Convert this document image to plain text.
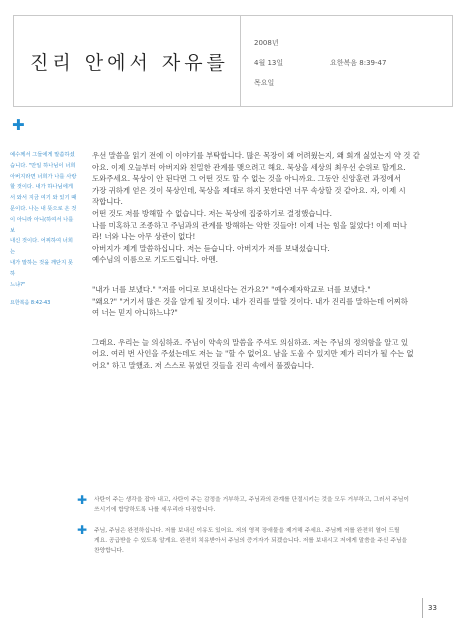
진리 안에서 자유를
2008년
4월 13일	요한복음 8:39-47
목요일
✚
✚
✚
예수께서 그들에게 말씀하셨
습니다. "만일 하나님이 너희
아버지라면 너희가 나를 사랑
할 것이다. 내가 하나님에게
서 와서 지금 여기 와 있기 때
문이다. 나는 내 뜻으로 온 것
이 아니라 아니(하여서 나를 보
내신 것이다. 어찌하여 너희는
내가 말하는 것을 깨닫지 못하
느냐?"
요한복음 8:42-43

우선 말씀을 읽기 전에 이 이야기를 부탁합니다. 많은 목장이 왜 어려웠는지, 왜 회개 싫었는지 약 것 같

아요. 이제 오늘부터 아버지와 친밀한 관계를 맺으려고 해요. 묵상을 세상의 최우선 순위로 할게요.

도와주세요. 묵상이 안 된다면 그 어떤 것도 할 수 없는 것을 아니까요. 그동안 신앙훈련 과정에서

가장 귀하게 얻은 것이 묵상인데, 묵상을 제대로 하지 못한다면 너무 속상할 것 같아요. 자, 이제 시

작합니다.

어떤 것도 저를 방해할 수 없습니다. 저는 묵상에 집중하기로 결정했습니다.

나를 미혹하고 조종하고 주님과의 관계를 방해하는 악한 것들아! 이제 너는 힘을 잃었다! 이제 떠나

라! 너와 나는 아무 상관이 없다!

아버지가 제게 말씀하십니다. 저는 듣습니다. 아버지가 저를 보내셨습니다.

예수님의 이름으로 기도드립니다. 아멘.

"내가 너를 보냈다." "저를 어디로 보내신다는 건가요?" "예수제자학교로 너를 보냈다."

"왜요?" "거기서 많은 것을 알게 될 것이다. 내가 진리를 말할 것이다. 내가 진리를 말하는데 어찌하

여 너는 믿지 아니하느냐?"

그래요. 우리는 늘 의심하죠. 주님이 약속의 말씀을 주셔도 의심하죠. 저는 주님의 정의함을 알고 있

어요. 여러 번 사인을 주셨는데도 저는 늘 "할 수 없어요. 남을 도울 수 있지만 제가 리더가 될 수는 없

어요" 하고 말했죠. 저 스스로 묶였던 것들을 진리 속에서 풀겠습니다.

사탄이 주는 생각을 잡아 내고, 사탄이 주는 감정을 거부하고, 주님과의 관계를 단절시키는 것을 모두 거부하고, 그러서 주님이
쓰시기에 합당하도록 나를 세우리라 다짐합니다.
주님, 주님은 완전하십니다. 저를 보내신 이유도 있어요. 저의 영적 장애물을 제거해 주세요. 주님께 저를 완전히 열어 드릴
게요. 공급받을 수 있도록 알게요. 완전히 치유받아서 주님의 증거자가 되겠습니다. 저를 보내시고 저에게 말씀을 주신 주님을
찬양합니다.
33
